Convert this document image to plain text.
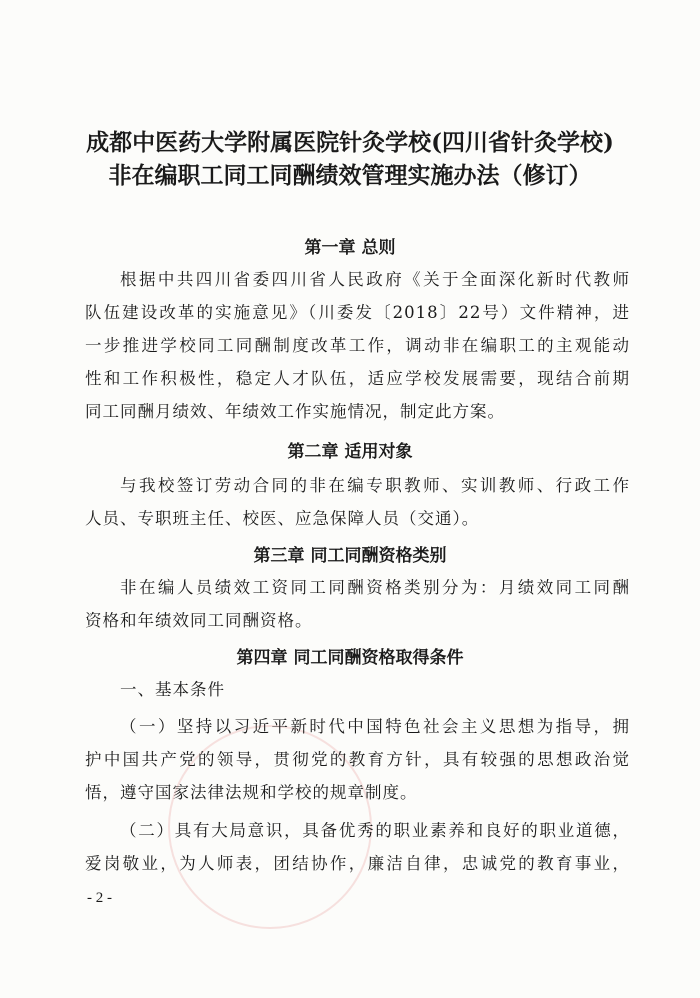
成都中医药大学附属医院针灸学校(四川省针灸学校)
非在编职工同工同酬绩效管理实施办法（修订）
第一章 总则
根据中共四川省委四川省人民政府《关于全面深化新时代教师
队伍建设改革的实施意见》（川委发〔2018〕22号）文件精神，进
一步推进学校同工同酬制度改革工作，调动非在编职工的主观能动
性和工作积极性，稳定人才队伍，适应学校发展需要，现结合前期
同工同酬月绩效、年绩效工作实施情况，制定此方案。
第二章 适用对象
与我校签订劳动合同的非在编专职教师、实训教师、行政工作
人员、专职班主任、校医、应急保障人员（交通）。
第三章 同工同酬资格类别
非在编人员绩效工资同工同酬资格类别分为：月绩效同工同酬
资格和年绩效同工同酬资格。
第四章 同工同酬资格取得条件
一、基本条件
（一）坚持以习近平新时代中国特色社会主义思想为指导，拥
护中国共产党的领导，贯彻党的教育方针，具有较强的思想政治觉
悟，遵守国家法律法规和学校的规章制度。
（二）具有大局意识，具备优秀的职业素养和良好的职业道德，
爱岗敬业，为人师表，团结协作，廉洁自律，忠诚党的教育事业，
- 2 -
